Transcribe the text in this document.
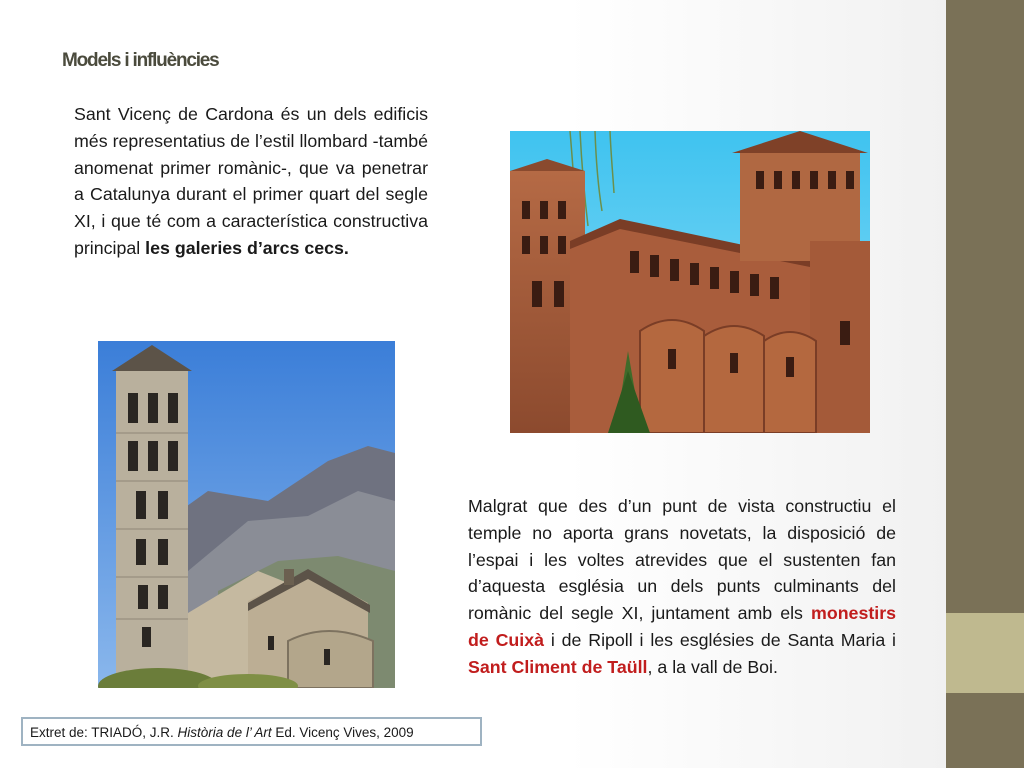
Models i influències

Sant Vicenç de Cardona és un dels edificis més representatius de l’estil llombard -també anomenat primer romànic-, que va penetrar a Catalunya durant el primer quart del segle XI, i que té com a característica constructiva principal les galeries d’arcs cecs.

Malgrat que des d’un punt de vista constructiu el temple no aporta grans novetats, la disposició de l’espai i les voltes atrevides que el sustenten fan d’aquesta església un dels punts culminants del romànic del segle XI, juntament amb els monestirs de Cuixà i de Ripoll i les esglésies de Santa Maria i Sant Climent de Taüll, a la vall de Boi.

Extret de: TRIADÓ, J.R. Història de l’ Art Ed. Vicenç Vives, 2009
